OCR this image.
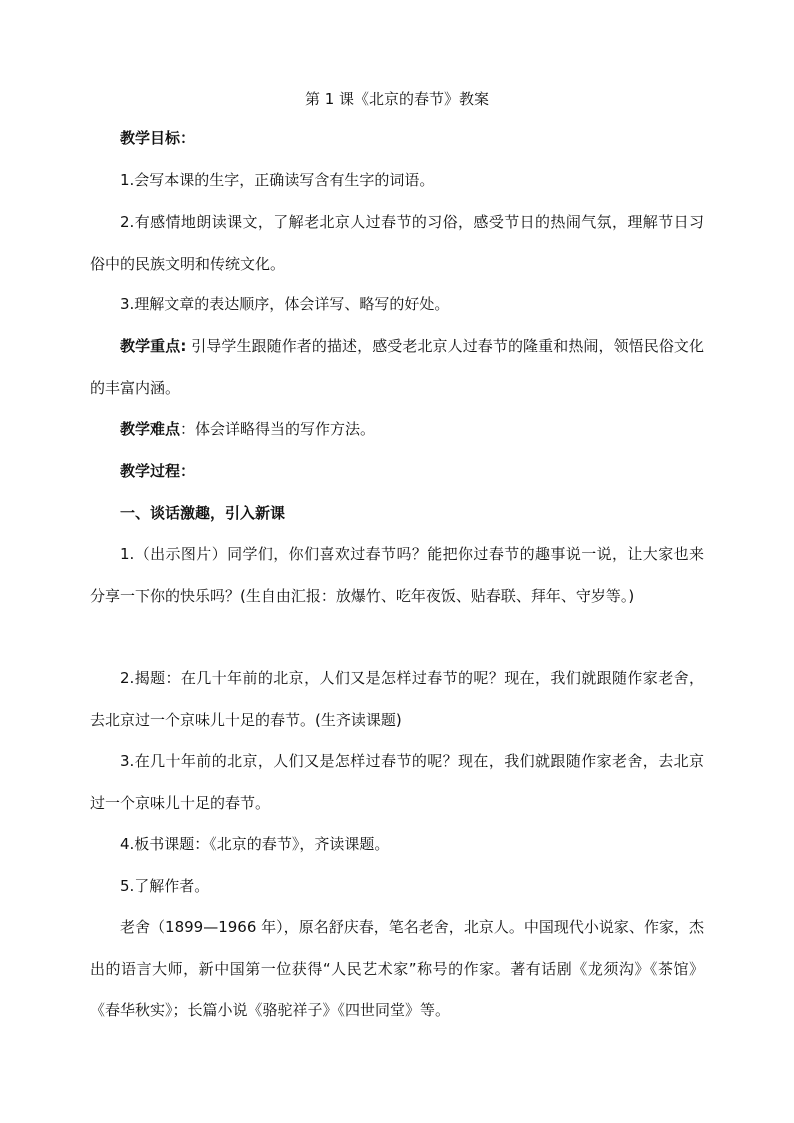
第 1 课《北京的春节》教案

教学目标：

1.会写本课的生字，正确读写含有生字的词语。

2.有感情地朗读课文，了解老北京人过春节的习俗，感受节日的热闹气氛，理解节日习俗中的民族文明和传统文化。

3.理解文章的表达顺序，体会详写、略写的好处。

教学重点: 引导学生跟随作者的描述，感受老北京人过春节的隆重和热闹，领悟民俗文化的丰富内涵。

教学难点：体会详略得当的写作方法。

教学过程：

一、谈话激趣，引入新课

1.（出示图片）同学们，你们喜欢过春节吗？能把你过春节的趣事说一说，让大家也来分享一下你的快乐吗？(生自由汇报：放爆竹、吃年夜饭、贴春联、拜年、守岁等。)

2.揭题：在几十年前的北京，人们又是怎样过春节的呢？现在，我们就跟随作家老舍，去北京过一个京味儿十足的春节。(生齐读课题)

3.在几十年前的北京，人们又是怎样过春节的呢？现在，我们就跟随作家老舍，去北京过一个京味儿十足的春节。

4.板书课题：《北京的春节》，齐读课题。

5.了解作者。

老舍（1899—1966 年），原名舒庆春，笔名老舍，北京人。中国现代小说家、作家，杰出的语言大师，新中国第一位获得“人民艺术家”称号的作家。著有话剧《龙须沟》《茶馆》《春华秋实》；长篇小说《骆驼祥子》《四世同堂》等。
